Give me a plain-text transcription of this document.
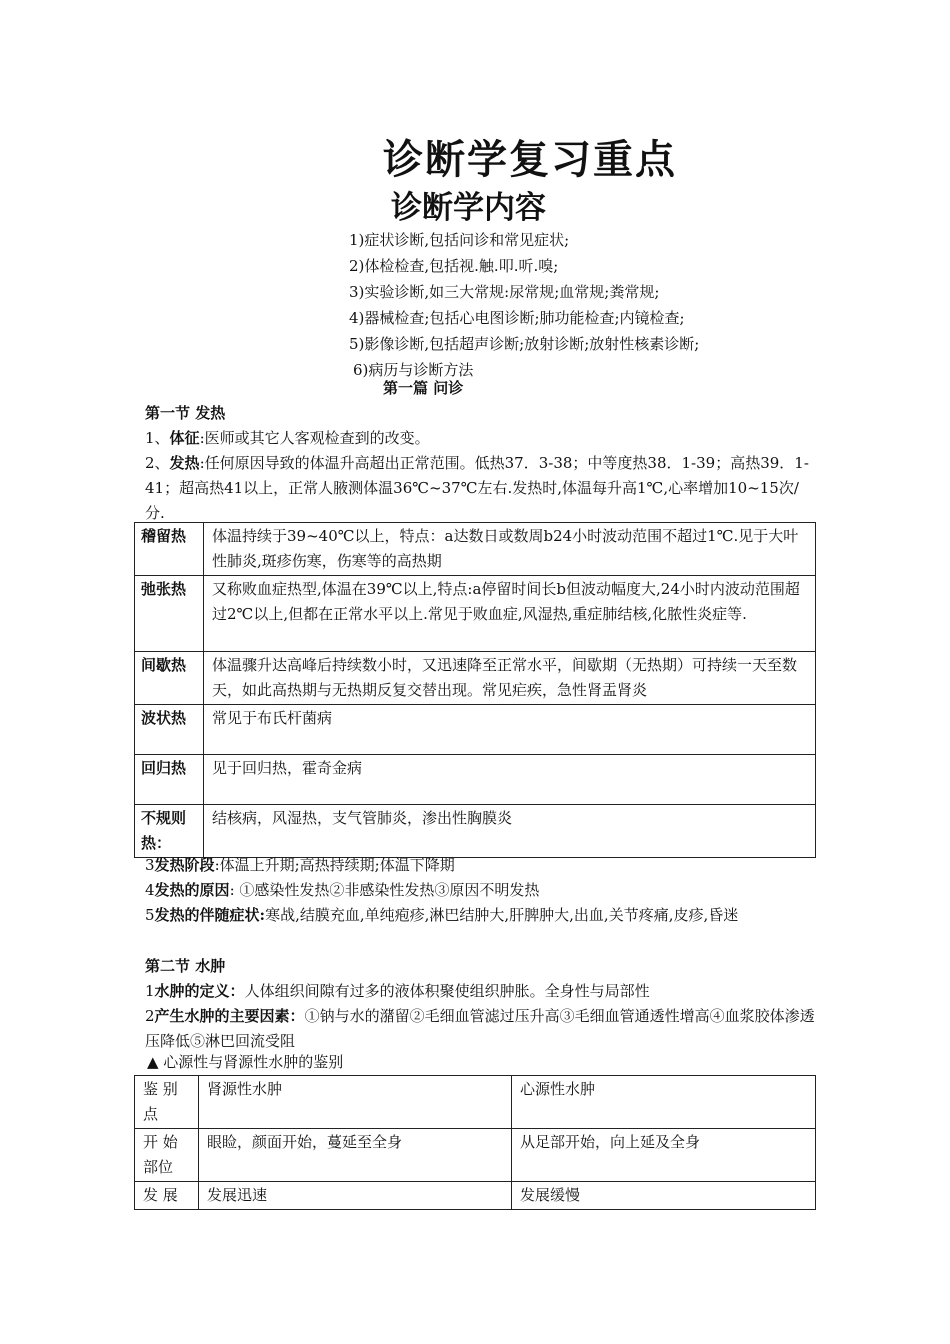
诊断学复习重点
诊断学内容
1)症状诊断,包括问诊和常见症状;
2)体检检查,包括视.触.叩.听.嗅;
3)实验诊断,如三大常规:尿常规;血常规;粪常规;
4)器械检查;包括心电图诊断;肺功能检查;内镜检查;
5)影像诊断,包括超声诊断;放射诊断;放射性核素诊断;
6)病历与诊断方法
第一篇 问诊
第一节 发热
1、体征:医师或其它人客观检查到的改变。
2、发热:任何原因导致的体温升高超出正常范围。低热37．3-38；中等度热38．1-39；高热39．1-41；超高热41以上，正常人腋测体温36℃~37℃左右.发热时,体温每升高1℃,心率增加10~15次/分.
稽留热	体温持续于39~40℃以上，特点：a达数日或数周b24小时波动范围不超过1℃.见于大叶性肺炎,斑疹伤寒，伤寒等的高热期
弛张热	又称败血症热型,体温在39℃以上,特点:a停留时间长b但波动幅度大,24小时内波动范围超过2℃以上,但都在正常水平以上.常见于败血症,风湿热,重症肺结核,化脓性炎症等.
间歇热	体温骤升达高峰后持续数小时，又迅速降至正常水平，间歇期（无热期）可持续一天至数天，如此高热期与无热期反复交替出现。常见疟疾，急性肾盂肾炎
波状热	常见于布氏杆菌病
回归热	见于回归热，霍奇金病
不规则热：	结核病，风湿热，支气管肺炎，渗出性胸膜炎
3发热阶段:体温上升期;高热持续期;体温下降期
4发热的原因: ①感染性发热②非感染性发热③原因不明发热
5发热的伴随症状:寒战,结膜充血,单纯疱疹,淋巴结肿大,肝脾肿大,出血,关节疼痛,皮疹,昏迷
第二节 水肿
1水肿的定义：人体组织间隙有过多的液体积聚使组织肿胀。全身性与局部性
2产生水肿的主要因素：①钠与水的潴留②毛细血管滤过压升高③毛细血管通透性增高④血浆胶体渗透压降低⑤淋巴回流受阻
▲ 心源性与肾源性水肿的鉴别
鉴 别点	肾源性水肿	心源性水肿
开 始部位	眼睑，颜面开始，蔓延至全身	从足部开始，向上延及全身
发 展	发展迅速	发展缓慢
